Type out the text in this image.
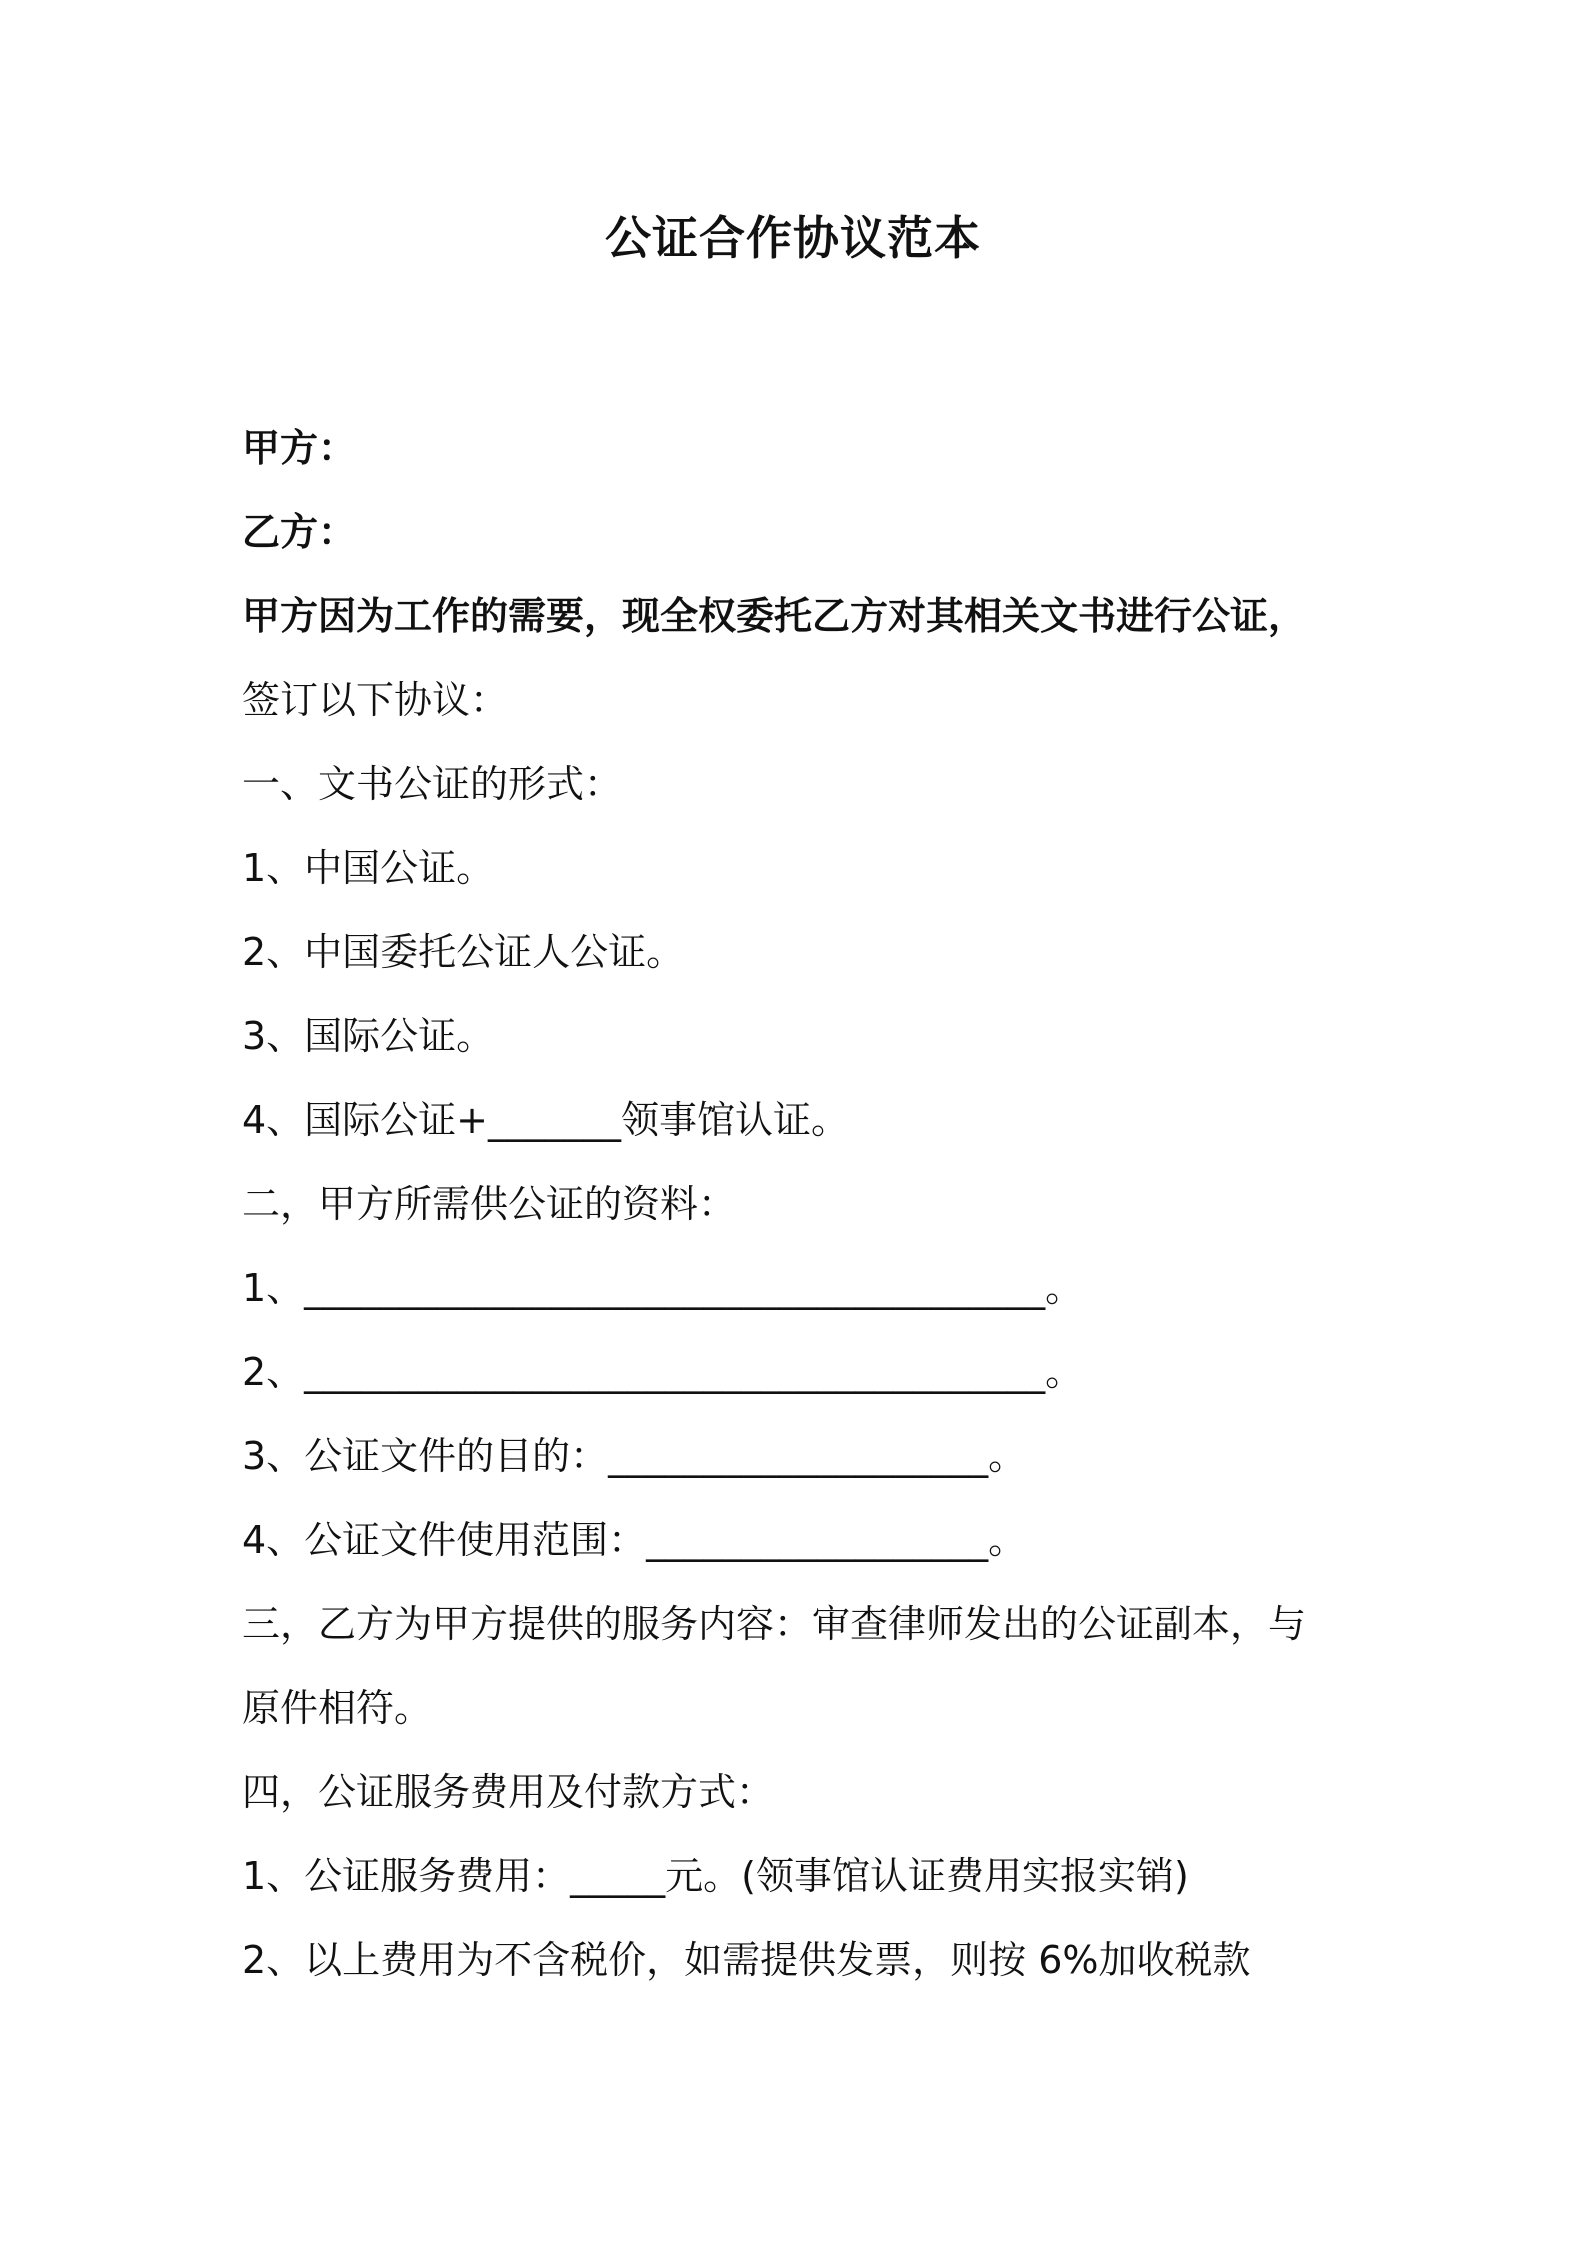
公证合作协议范本
甲方：
乙方：
甲方因为工作的需要，现全权委托乙方对其相关文书进行公证，
签订以下协议：
一、文书公证的形式：
1、中国公证。
2、中国委托公证人公证。
3、国际公证。
4、国际公证+_______领事馆认证。
二，甲方所需供公证的资料：
1、_______________________________________。
2、_______________________________________。
3、公证文件的目的：____________________。
4、公证文件使用范围：__________________。
三，乙方为甲方提供的服务内容：审查律师发出的公证副本，与
原件相符。
四，公证服务费用及付款方式：
1、公证服务费用：_____元。(领事馆认证费用实报实销)
2、以上费用为不含税价，如需提供发票，则按 6%加收税款
